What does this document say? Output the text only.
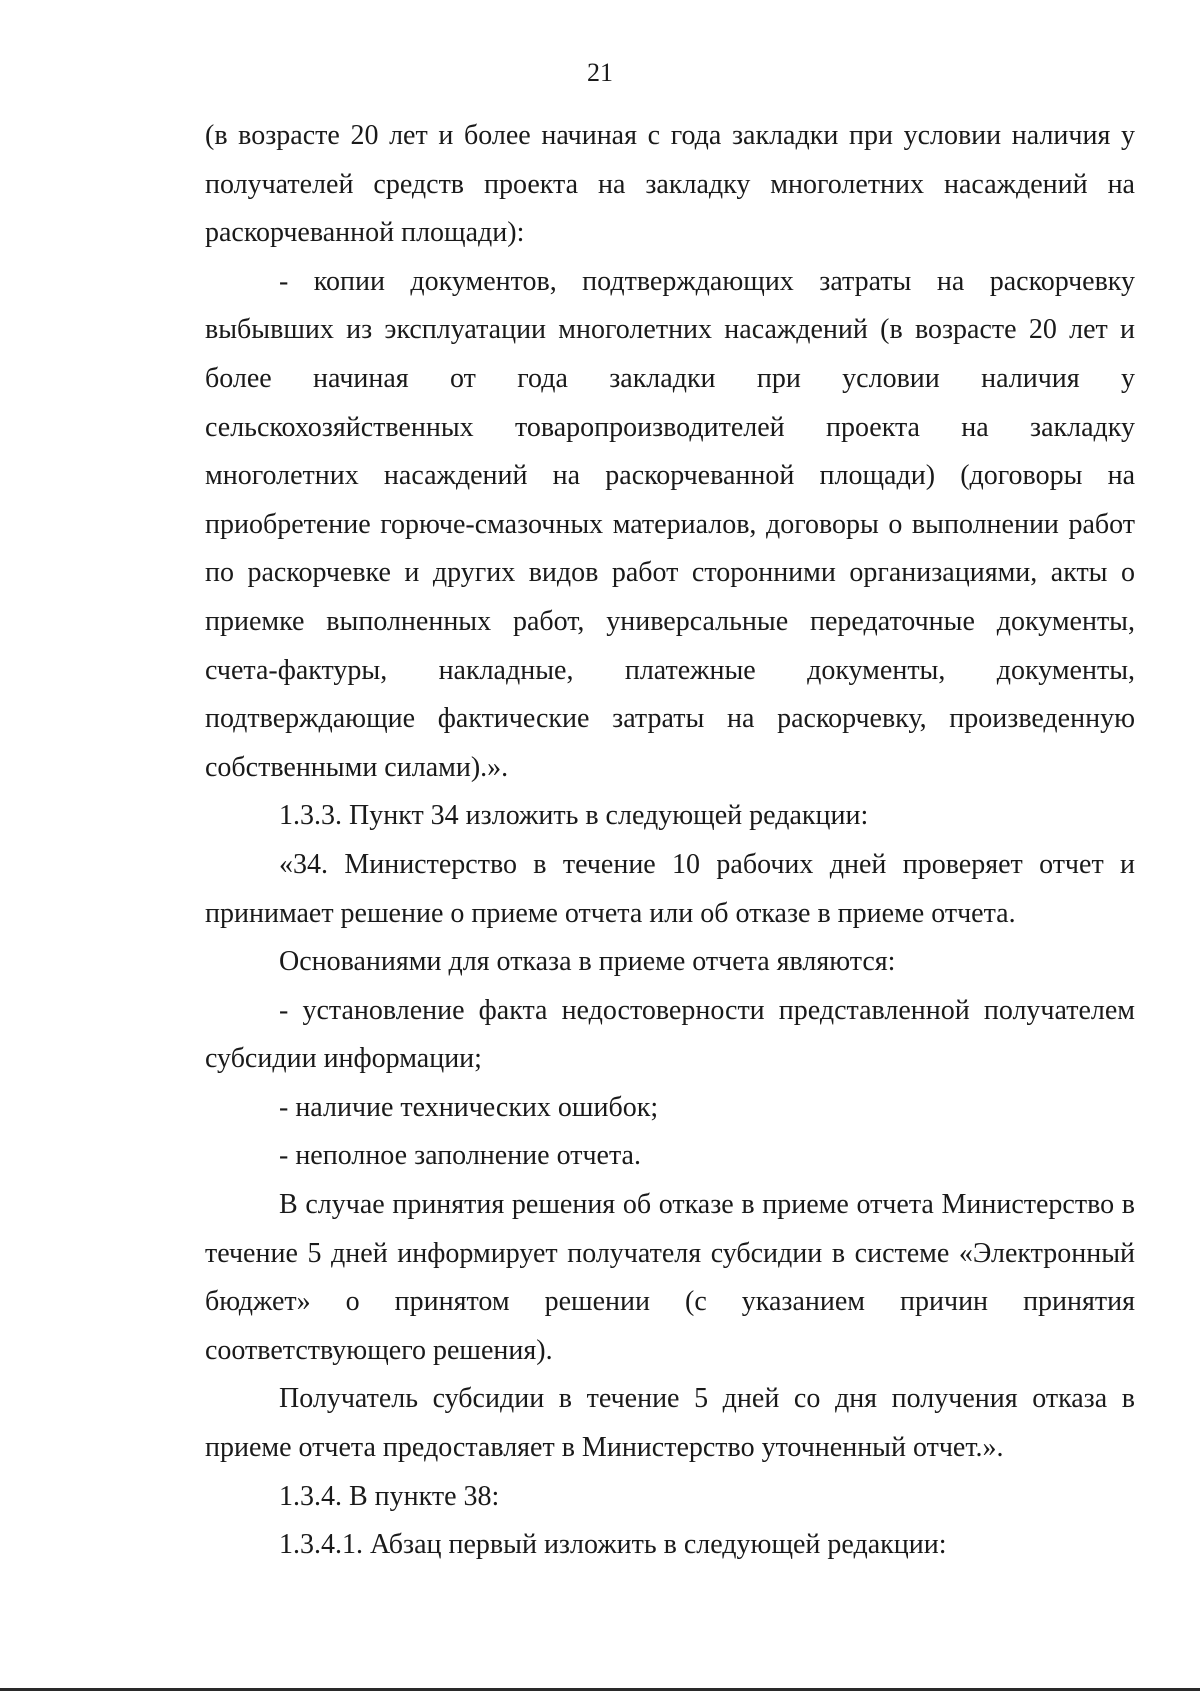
21

(в возрасте 20 лет и более начиная с года закладки при условии наличия у получателей средств проекта на закладку многолетних насаждений на раскорчеванной площади):

- копии документов, подтверждающих затраты на раскорчевку выбывших из эксплуатации многолетних насаждений (в возрасте 20 лет и более начиная от года закладки при условии наличия у сельскохозяйственных товаропроизводителей проекта на закладку многолетних насаждений на раскорчеванной площади) (договоры на приобретение горюче-смазочных материалов, договоры о выполнении работ по раскорчевке и других видов работ сторонними организациями, акты о приемке выполненных работ, универсальные передаточные документы, счета-фактуры, накладные, платежные документы, документы, подтверждающие фактические затраты на раскорчевку, произведенную собственными силами).».

1.3.3. Пункт 34 изложить в следующей редакции:

«34. Министерство в течение 10 рабочих дней проверяет отчет и принимает решение о приеме отчета или об отказе в приеме отчета.

Основаниями для отказа в приеме отчета являются:

- установление факта недостоверности представленной получателем субсидии информации;

- наличие технических ошибок;

- неполное заполнение отчета.

В случае принятия решения об отказе в приеме отчета Министерство в течение 5 дней информирует получателя субсидии в системе «Электронный бюджет» о принятом решении (с указанием причин принятия соответствующего решения).

Получатель субсидии в течение 5 дней со дня получения отказа в приеме отчета предоставляет в Министерство уточненный отчет.».

1.3.4. В пункте 38:

1.3.4.1. Абзац первый изложить в следующей редакции:
